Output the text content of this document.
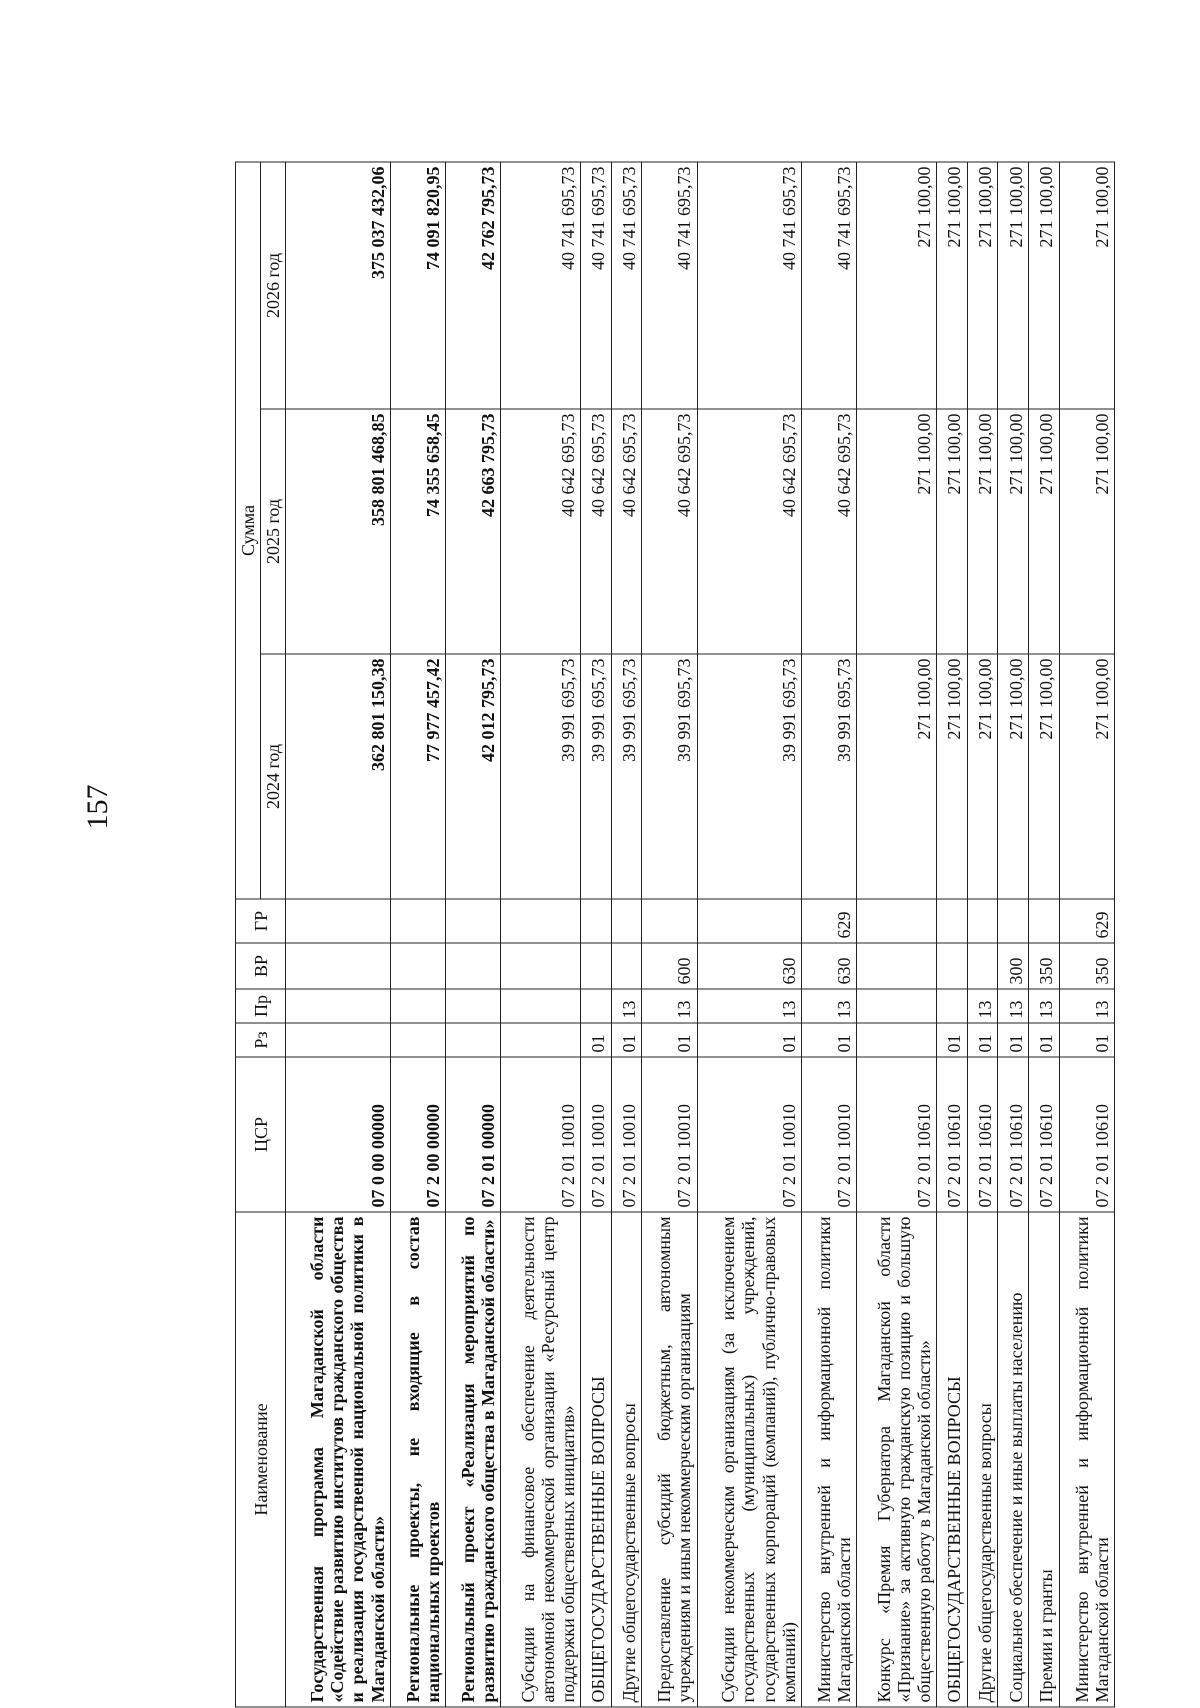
157
Наименование	ЦСР	Рз	Пр	ВР	ГР	Сумма		
						2024 год	2025 год	2026 год
Государственная программа Магаданской области «Содействие развитию институтов гражданского общества и реализация государственной национальной политики в Магаданской области»	07 0 00 00000					362 801 150,38	358 801 468,85	375 037 432,06
Региональные проекты, не входящие в состав национальных проектов	07 2 00 00000					77 977 457,42	74 355 658,45	74 091 820,95
Региональный проект «Реализация мероприятий по развитию гражданского общества в Магаданской области»	07 2 01 00000					42 012 795,73	42 663 795,73	42 762 795,73
Субсидии на финансовое обеспечение деятельности автономной некоммерческой организации «Ресурсный центр поддержки общественных инициатив»	07 2 01 10010					39 991 695,73	40 642 695,73	40 741 695,73
ОБЩЕГОСУДАРСТВЕННЫЕ ВОПРОСЫ	07 2 01 10010	01				39 991 695,73	40 642 695,73	40 741 695,73
Другие общегосударственные вопросы	07 2 01 10010	01	13			39 991 695,73	40 642 695,73	40 741 695,73
Предоставление субсидий бюджетным, автономным учреждениям и иным некоммерческим организациям	07 2 01 10010	01	13	600		39 991 695,73	40 642 695,73	40 741 695,73
Субсидии некоммерческим организациям (за исключением государственных (муниципальных) учреждений, государственных корпораций (компаний), публично-правовых компаний)	07 2 01 10010	01	13	630		39 991 695,73	40 642 695,73	40 741 695,73
Министерство внутренней и информационной политики Магаданской области	07 2 01 10010	01	13	630	629	39 991 695,73	40 642 695,73	40 741 695,73
Конкурс «Премия Губернатора Магаданской области «Признание» за активную гражданскую позицию и большую общественную работу в Магаданской области»	07 2 01 10610					271 100,00	271 100,00	271 100,00
ОБЩЕГОСУДАРСТВЕННЫЕ ВОПРОСЫ	07 2 01 10610	01				271 100,00	271 100,00	271 100,00
Другие общегосударственные вопросы	07 2 01 10610	01	13			271 100,00	271 100,00	271 100,00
Социальное обеспечение и иные выплаты населению	07 2 01 10610	01	13	300		271 100,00	271 100,00	271 100,00
Премии и гранты	07 2 01 10610	01	13	350		271 100,00	271 100,00	271 100,00
Министерство внутренней и информационной политики Магаданской области	07 2 01 10610	01	13	350	629	271 100,00	271 100,00	271 100,00
